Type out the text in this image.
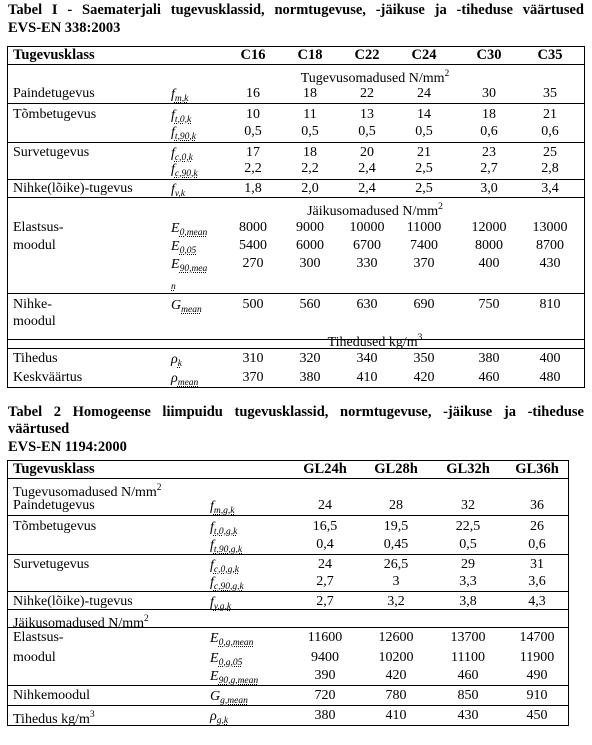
Tabel I - Saematerjali tugevusklassid, normtugevuse, -jäikuse ja -tiheduse väärtused
EVS-EN 338:2003
Tabel 2 Homogeense liimpuidu tugevusklassid, normtugevuse, -jäikuse ja -tiheduse
väärtused
EVS-EN 1194:2000
Tugevusklass	C16 C18 C22 C24	C30 C35
Tugevusomadused $N/mm^2$
Paindetugevus	$f_{m,k}$	16	18	22	24	30	35
Tõmbetugevus	$f_{t,0,k}$	10	11	13	14	18	21
$f_{t,90,k}$	0,5	0,5	0,5	0,5	0,6	0,6
Survetugevus	$f_{c,0,k}$	17	18	20	21	23	25
$f_{c,90,k}$	2,2	2,2	2,4	2,5	2,7	2,8
Nihke(lõike)-tugevus	$f_{v,k}$	1,8	2,0	2,4	2,5	3,0	3,4
Elastsus-	$E_{0,mean}$ 8000 9000 10000 11000 12000 13000
moodul	$E_{0,05}$	5400 6000 6700 7400	8000 8700
$E_{90,mea}$	270	300	330	370	400	430
$_n$
Nihke-	$G_{mean}$	500	560	630	690	750	810
moodul
Tihedus	$\rho_k$	310	320	340	350	380	400
Keskväärtus	$\rho_{mean}$	370	380	410	420	460	480
Jäikusomadused $N/mm^2$
Tihedused $kg/m^3$
Tugevusklass	GL24h GL28h GL32h GL36h
Tugevusomadused $N/mm^2$
Paindetugevus	$f_{m,g,k}$	24	28	32	36
Tõmbetugevus	$f_{t,0,g,k}$	16,5	19,5	22,5	26
$f_{t,90,g,k}$	0,4	0,45	0,5	0,6
Survetugevus	$f_{c,0,g,k}$	24	26,5	29	31
$f_{c,90,g,k}$	2,7	3	3,3	3,6
Nihke(lõike)-tugevus	$f_{v,g,k}$	2,7	3,2	3,8	4,3
Elastsus-	$E_{0,g,mean}$	11600	12600	13700 14700
moodul	$E_{0,g,05}$	9400	10200	11100 11900
$E_{90,g,mean}$	390	420	460	490
Nihkemoodul	$G_{g,mean}$	720	780	850	910
Tihedus $kg/m^3$	$\rho_{g,k}$	380	410	430	450
Jäikusomadused $N/mm^2$
